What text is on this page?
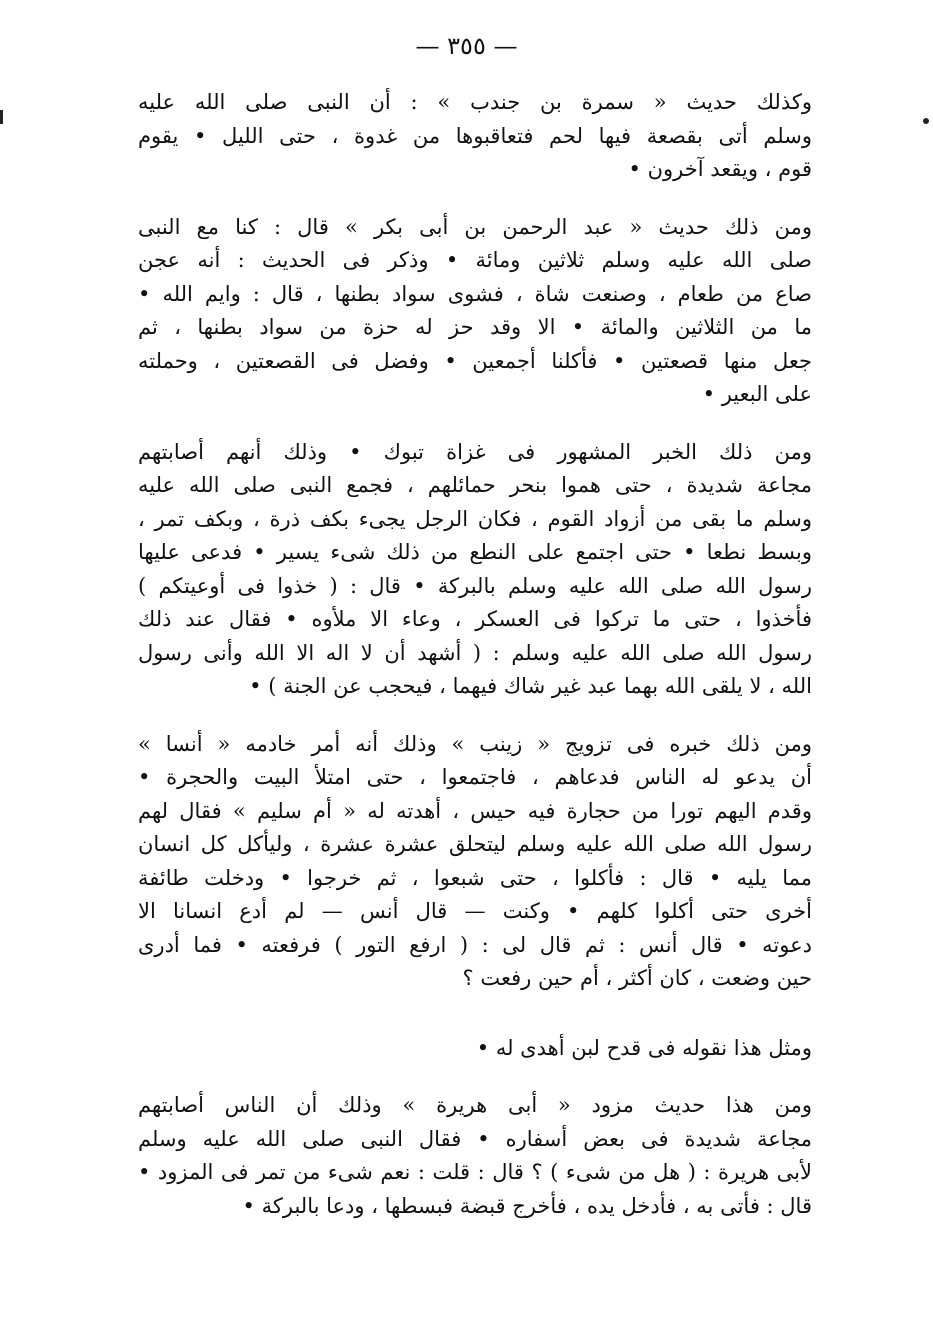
— ٣٥٥ —
وكذلك حديث « سمرة بن جندب » : أن النبى صلى الله عليه
وسلم أتى بقصعة فيها لحم فتعاقبوها من غدوة ، حتى الليل • يقوم
قوم ، ويقعد آخرون •
ومن ذلك حديث « عبد الرحمن بن أبى بكر » قال : كنا مع النبى
صلى الله عليه وسلم ثلاثين ومائة • وذكر فى الحديث : أنه عجن
صاع من طعام ، وصنعت شاة ، فشوى سواد بطنها ، قال : وايم الله •
ما من الثلاثين والمائة • الا وقد حز له حزة من سواد بطنها ، ثم
جعل منها قصعتين • فأكلنا أجمعين • وفضل فى القصعتين ، وحملته
على البعير •
ومن ذلك الخبر المشهور فى غزاة تبوك • وذلك أنهم أصابتهم
مجاعة شديدة ، حتى هموا بنحر حمائلهم ، فجمع النبى صلى الله عليه
وسلم ما بقى من أزواد القوم ، فكان الرجل يجىء بكف ذرة ، وبكف تمر ،
وبسط نطعا • حتى اجتمع على النطع من ذلك شىء يسير • فدعى عليها
رسول الله صلى الله عليه وسلم بالبركة • قال : ( خذوا فى أوعيتكم )
فأخذوا ، حتى ما تركوا فى العسكر ، وعاء الا ملأوه • فقال عند ذلك
رسول الله صلى الله عليه وسلم : ( أشهد أن لا اله الا الله وأنى رسول
الله ، لا يلقى الله بهما عبد غير شاك فيهما ، فيحجب عن الجنة ) •
ومن ذلك خبره فى تزويج « زينب » وذلك أنه أمر خادمه « أنسا »
أن يدعو له الناس فدعاهم ، فاجتمعوا ، حتى امتلأ البيت والحجرة •
وقدم اليهم تورا من حجارة فيه حيس ، أهدته له « أم سليم » فقال لهم
رسول الله صلى الله عليه وسلم ليتحلق عشرة عشرة ، وليأكل كل انسان
مما يليه • قال : فأكلوا ، حتى شبعوا ، ثم خرجوا • ودخلت طائفة
أخرى حتى أكلوا كلهم • وكنت — قال أنس — لم أدع انسانا الا
دعوته • قال أنس : ثم قال لى : ( ارفع التور ) فرفعته • فما أدرى
حين وضعت ، كان أكثر ، أم حين رفعت ؟
ومثل هذا نقوله فى قدح لبن أهدى له •
ومن هذا حديث مزود « أبى هريرة » وذلك أن الناس أصابتهم
مجاعة شديدة فى بعض أسفاره • فقال النبى صلى الله عليه وسلم
لأبى هريرة : ( هل من شىء ) ؟ قال : قلت : نعم شىء من تمر فى المزود •
قال : فأتى به ، فأدخل يده ، فأخرج قبضة فبسطها ، ودعا بالبركة •
